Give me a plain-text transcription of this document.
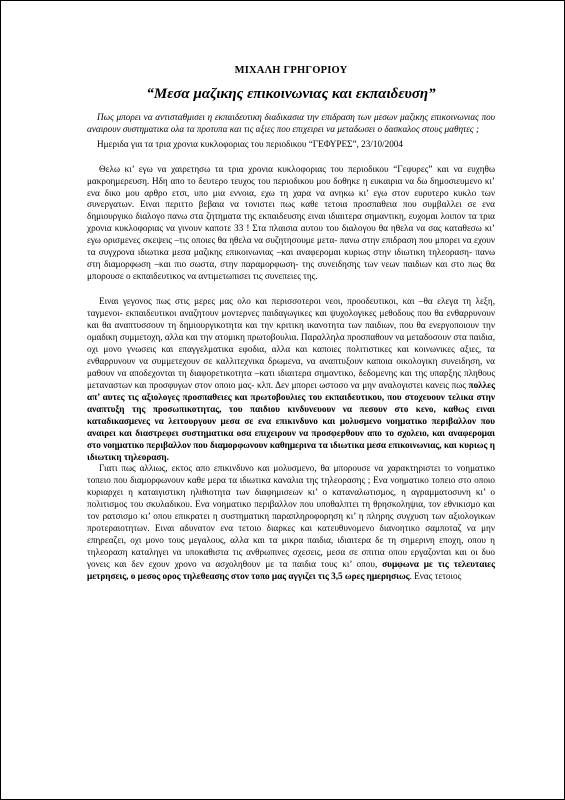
ΜΙΧΑΛΗ ΓΡΗΓΟΡΙΟΥ

“Μεσα μαζικης επικοινωνιας και εκπαιδευση”

Πως μπορει να αντισταθμισει η εκπαιδευτικη διαδικασια την επιδραση των μεσων μαζικης επικοινωνιας που αναιρουν συστηματικα ολα τα προτυπα και τις αξιες που επιχειρει να μεταδωσει ο δασκαλος στους μαθητες ;

Ημεριδα για τα τρια χρονια κυκλοφοριας του περιοδικου “ΓΕΦΥΡΕΣ”, 23/10/2004

Θελω κι’ εγω να χαιρετησω τα τρια χρονια κυκλοφοριας του περιοδικου “Γεφυρες” και να ευχηθω μακροημερευση. Ηδη απο το δευτερο τευχος του περιοδικου μου δοθηκε η ευκαιρια να δω δημοσιευμενο κι’ ενα δικο μου αρθρο ετσι, υπο μια εννοια, εχω τη χαρα να ανηκω κι’ εγω στον ευρυτερο κυκλο των συνεργατων. Ειναι περιττο βεβαια να τονιστει πως καθε τετοια προσπαθεια που συμβαλλει σε ενα δημιουργικο διαλογο πανω στα ζητηματα της εκπαιδευσης ειναι ιδιαιτερα σημαντικη, ευχομαι λοιπον τα τρια χρονια κυκλοφοριας να γινουν καποτε 33 ! Στα πλαισια αυτου του διαλογου θα ηθελα να σας καταθεσω κι’ εγω ορισμενες σκεψεις –τις οποιες θα ηθελα να συζητησουμε μετα- πανω στην επιδραση που μπορει να εχουν τα συγχρονα ιδιωτικα μεσα μαζικης επικοινωνιας –και αναφερομαι κυριως στην ιδιωτικη τηλεοραση- πανω στη διαμορφωση –και πιο σωστα, στην παραμορφωση- της συνειδησης των νεων παιδιων και στο πως θα μπορουσε ο εκπαιδευτικος να αντιμετωπισει τις συνεπειες της.

Ειναι γεγονος πως στις μερες μας ολο και περισσοτεροι νεοι, προοδευτικοι, και –θα ελεγα τη λεξη, ταγμενοι- εκπαιδευτικοι αναζητουν μοντερνες παιδαγωγικες και ψυχολογικες μεθοδους που θα ενθαρρυνουν και θα αναπτυσσουν τη δημιουργικοτητα και την κριτικη ικανοτητα των παιδιων, που θα ενεργοποιουν την ομαδικη συμμετοχη, αλλα και την ατομικη πρωτοβουλια. Παραλληλα προσπαθουν να μεταδοσουν στα παιδια, οχι μονο γνωσεις και επαγγελματικα εφοδια, αλλα και καποιες πολιτιστικες και κοινωνικες αξιες, τα ενθαρρυνουν να συμμετεχουν σε καλλιτεχνικα δρωμενα, να αναπτυξουν καποια οικολογικη συνειδηση, να μαθουν να αποδεχονται τη διαφορετικοτητα –κατι ιδιαιτερα σημαντικο, δεδομενης και της υπαρξης πληθους μεταναστων και προσφυγων στον οποιο μας- κλπ. Δεν μπορει ωστοσο να μην αναλογιστει κανεις πως πολλες απ’ αυτες τις αξιολογες προσπαθειες και πρωτοβουλιες του εκπαιδευτικου, που στοχευουν τελικα στην αναπτυξη της προσωπικοτητας, του παιδιου κινδυνευουν να πεσουν στο κενο, καθως ειναι καταδικασμενες να λειτουργουν μεσα σε ενα επικινδυνο και μολυσμενο νοηματικο περιβαλλον που αναιρει και διαστρεφει συστηματικα οσα επιχειρουν να προσφερθουν απο το σχολειο, και αναφερομαι στο νοηματικο περιβαλλον που διαμορφωνουν καθημερινα τα ιδιωτικα μεσα επικοινωνιας, και κυριως η ιδιωτικη τηλεοραση.

Γιατι πως αλλιως, εκτος απο επικινδυνο και μολυσμενο, θα μπορουσε να χαρακτηριστει το νοηματικο τοπειο που διαμορφωνουν καθε μερα τα ιδιωτικα καναλια της τηλεορασης ; Ενα νοηματικο τοπειο στο οποιο κυριαρχει η καταιγιστικη ηλιθιοτητα των διαφημισεων κι’ ο καταναλωτισμος, η αγραμματοσυνη κι’ ο πολιτισμος του σκυλαδικου. Ενα νοηματικο περιβαλλον που υποθαλπτει τη θρησκοληψια, τον εθνικισμο και τον ρατσισμο κι’ οπου επικρατει η συστηματικη παραπληροφορηση κι’ η πληρης συγχυση των αξιολογικων προτεραιοτητων. Ειναι αδυνατον ενα τετοιο διαρκες και κατευθυνομενο διανοητικο σαμποταζ να μην επηρεαζει, οχι μονο τους μεγαλους, αλλα και τα μικρα παιδια, ιδιαιτερα δε τη σημερινη εποχη, οπου η τηλεοραση καταληγει να υποκαθιστα τις ανθρωπινες σχεσεις, μεσα σε σπιτια οπου εργαζονται και οι δυο γονεις και δεν εχουν χρονο να ασχοληθουν με τα παιδια τους κι’ οπου, συμφωνα με τις τελευταιες μετρησεις, ο μεσος ορος τηλεθεασης στον τοπο μας αγγιζει τις 3,5 ωρες ημερησιως. Ενας τετοιος
